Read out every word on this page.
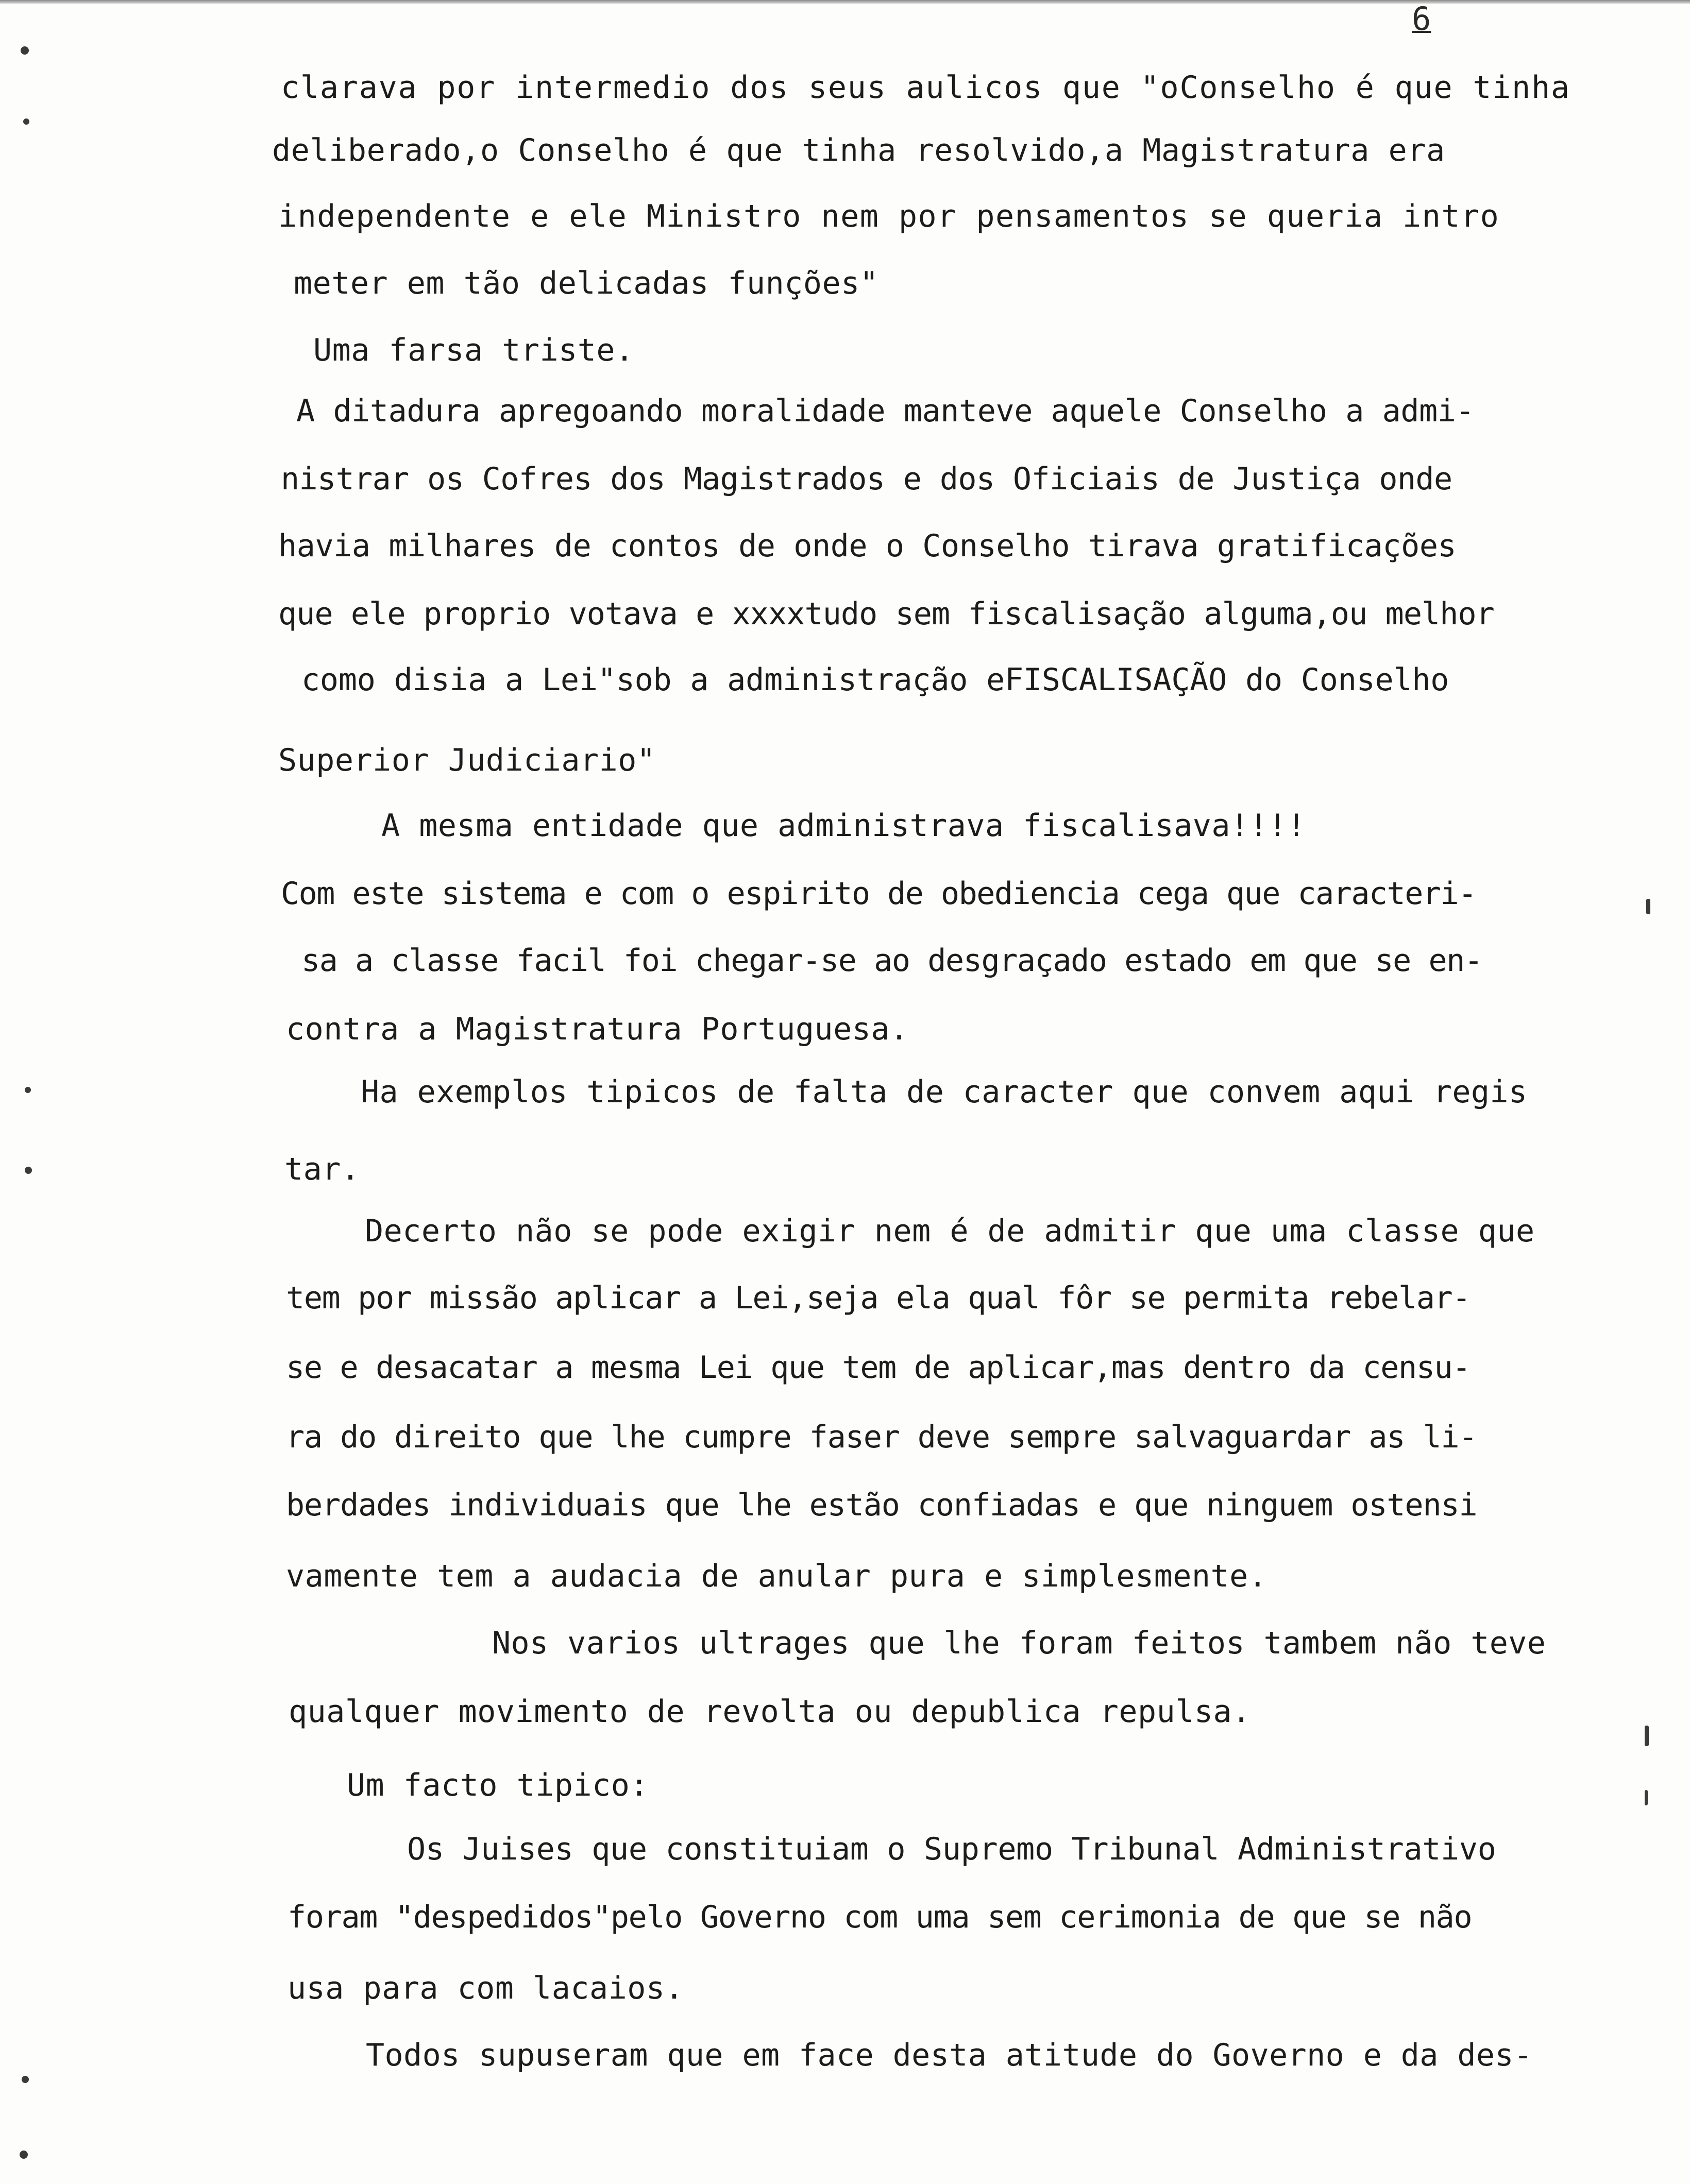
6
clarava por intermedio dos seus aulicos que "oConselho é que tinha
deliberado,o Conselho é que tinha resolvido,a Magistratura era
independente e ele Ministro nem por pensamentos se queria intro
meter em tão delicadas funções"
Uma farsa triste.
A ditadura apregoando moralidade manteve aquele Conselho a admi-
nistrar os Cofres dos Magistrados e dos Oficiais de Justiça onde
havia milhares de contos de onde o Conselho tirava gratificações
que ele proprio votava e xxxxtudo sem fiscalisação alguma,ou melhor
como disia a Lei"sob a administração eFISCALISAÇÃO do Conselho
Superior Judiciario"
A mesma entidade que administrava fiscalisava!!!!
Com este sistema e com o espirito de obediencia cega que caracteri-
sa a classe facil foi chegar-se ao desgraçado estado em que se en-
contra a Magistratura Portuguesa.
Ha exemplos tipicos de falta de caracter que convem aqui regis
tar.
Decerto não se pode exigir nem é de admitir que uma classe que
tem por missão aplicar a Lei,seja ela qual fôr se permita rebelar-
se e desacatar a mesma Lei que tem de aplicar,mas dentro da censu-
ra do direito que lhe cumpre faser deve sempre salvaguardar as li-
berdades individuais que lhe estão confiadas e que ninguem ostensi
vamente tem a audacia de anular pura e simplesmente.
Nos varios ultrages que lhe foram feitos tambem não teve
qualquer movimento de revolta ou depublica repulsa.
Um facto tipico:
Os Juises que constituiam o Supremo Tribunal Administrativo
foram "despedidos"pelo Governo com uma sem cerimonia de que se não
usa para com lacaios.
Todos supuseram que em face desta atitude do Governo e da des-
